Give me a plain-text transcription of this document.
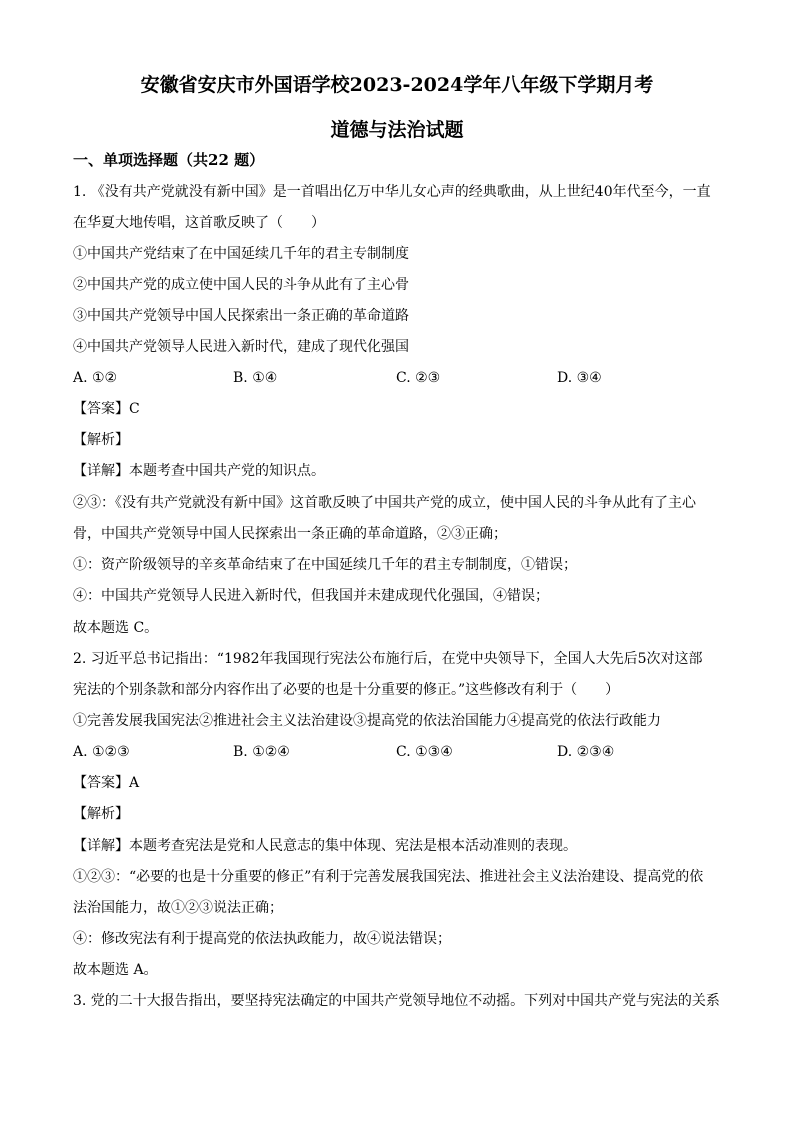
安徽省安庆市外国语学校2023-2024学年八年级下学期月考
道德与法治试题
一、单项选择题（共22 题）
1. 《没有共产党就没有新中国》是一首唱出亿万中华儿女心声的经典歌曲，从上世纪40年代至今，一直
在华夏大地传唱，这首歌反映了（　　）
①中国共产党结束了在中国延续几千年的君主专制制度
②中国共产党的成立使中国人民的斗争从此有了主心骨
③中国共产党领导中国人民探索出一条正确的革命道路
④中国共产党领导人民进入新时代，建成了现代化强国
A. ①②	B. ①④	C. ②③	D. ③④
【答案】C
【解析】
【详解】本题考查中国共产党的知识点。
②③：《没有共产党就没有新中国》这首歌反映了中国共产党的成立，使中国人民的斗争从此有了主心
骨，中国共产党领导中国人民探索出一条正确的革命道路，②③正确；
①：资产阶级领导的辛亥革命结束了在中国延续几千年的君主专制制度，①错误；
④：中国共产党领导人民进入新时代，但我国并未建成现代化强国，④错误；
故本题选 C。
2. 习近平总书记指出：“1982年我国现行宪法公布施行后，在党中央领导下，全国人大先后5次对这部
宪法的个别条款和部分内容作出了必要的也是十分重要的修正。”这些修改有利于（　　）
①完善发展我国宪法②推进社会主义法治建设③提高党的依法治国能力④提高党的依法行政能力
A. ①②③	B. ①②④	C. ①③④	D. ②③④
【答案】A
【解析】
【详解】本题考查宪法是党和人民意志的集中体现、宪法是根本活动准则的表现。
①②③：“必要的也是十分重要的修正”有利于完善发展我国宪法、推进社会主义法治建设、提高党的依
法治国能力，故①②③说法正确；
④：修改宪法有利于提高党的依法执政能力，故④说法错误；
故本题选 A。
3. 党的二十大报告指出，要坚持宪法确定的中国共产党领导地位不动摇。下列对中国共产党与宪法的关系
